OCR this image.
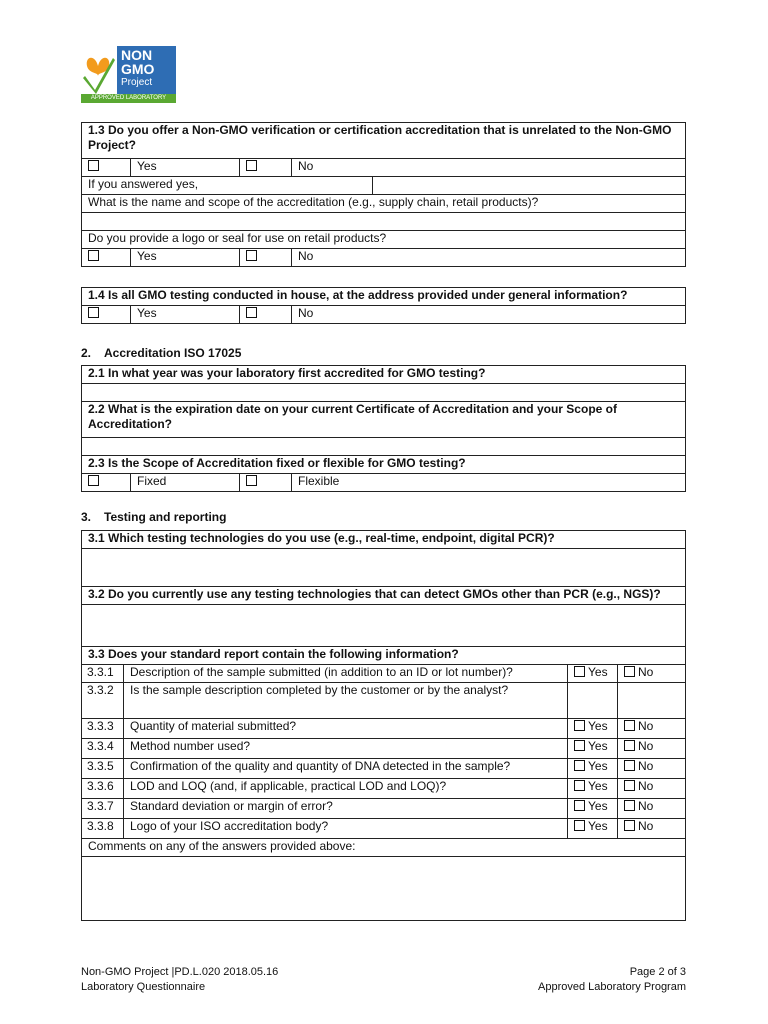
NON
GMO
Project
APPROVED LABORATORY
1.3 Do you offer a Non-GMO verification or certification accreditation that is unrelated to the Non-GMO Project?				
	Yes		No	
If you answered yes,				
What is the name and scope of the accreditation (e.g., supply chain, retail products)?				

Do you provide a logo or seal for use on retail products?				
	Yes		No	
1.4 Is all GMO testing conducted in house, at the address provided under general information?
	Yes		No
2. Accreditation ISO 17025
2.1 In what year was your laboratory first accredited for GMO testing?

2.2 What is the expiration date on your current Certificate of Accreditation and your Scope of Accreditation?

2.3 Is the Scope of Accreditation fixed or flexible for GMO testing?
	Fixed		Flexible
3. Testing and reporting
3.1 Which testing technologies do you use (e.g., real-time, endpoint, digital PCR)?			

3.2 Do you currently use any testing technologies that can detect GMOs other than PCR (e.g., NGS)?			

3.3 Does your standard report contain the following information?			
3.3.1	Description of the sample submitted (in addition to an ID or lot number)?	Yes	No
3.3.2	Is the sample description completed by the customer or by the analyst?		
3.3.3	Quantity of material submitted?	Yes	No
3.3.4	Method number used?	Yes	No
3.3.5	Confirmation of the quality and quantity of DNA detected in the sample?	Yes	No
3.3.6	LOD and LOQ (and, if applicable, practical LOD and LOQ)?	Yes	No
3.3.7	Standard deviation or margin of error?	Yes	No
3.3.8	Logo of your ISO accreditation body?	Yes	No
Comments on any of the answers provided above:			

Non-GMO Project |PD.L.020 2018.05.16
Laboratory Questionnaire
Page 2 of 3
Approved Laboratory Program
